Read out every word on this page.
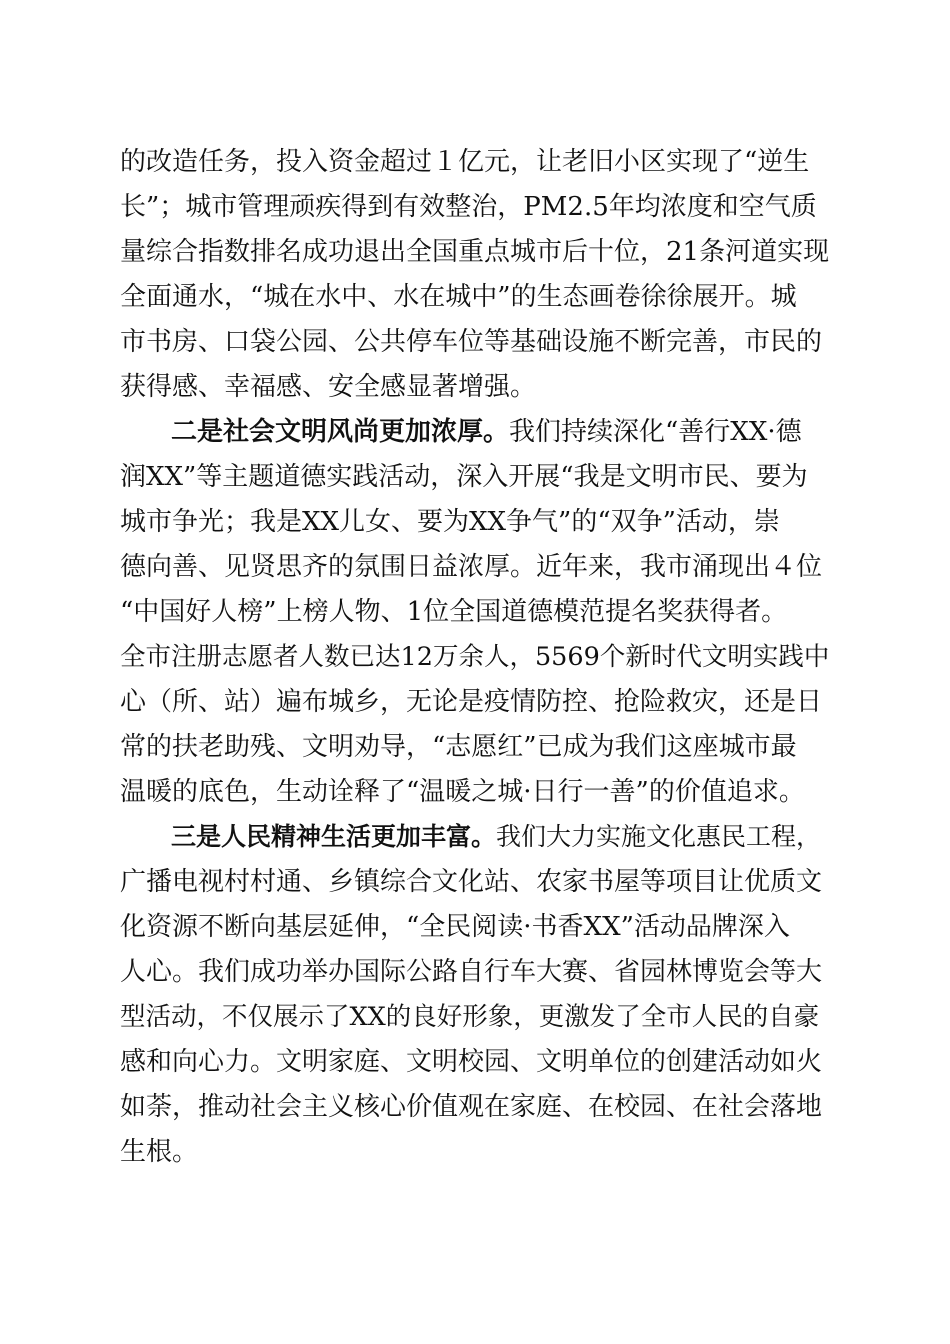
的改造任务，投入资金超过１亿元，让老旧小区实现了“逆生
长”；城市管理顽疾得到有效整治，PM2.5年均浓度和空气质
量综合指数排名成功退出全国重点城市后十位，21条河道实现
全面通水，“城在水中、水在城中”的生态画卷徐徐展开。城
市书房、口袋公园、公共停车位等基础设施不断完善，市民的
获得感、幸福感、安全感显著增强。
二是社会文明风尚更加浓厚。我们持续深化“善行XX·德
润XX”等主题道德实践活动，深入开展“我是文明市民、要为
城市争光；我是XX儿女、要为XX争气”的“双争”活动，崇
德向善、见贤思齐的氛围日益浓厚。近年来，我市涌现出４位
“中国好人榜”上榜人物、1位全国道德模范提名奖获得者。
全市注册志愿者人数已达12万余人，5569个新时代文明实践中
心（所、站）遍布城乡，无论是疫情防控、抢险救灾，还是日
常的扶老助残、文明劝导，“志愿红”已成为我们这座城市最
温暖的底色，生动诠释了“温暖之城·日行一善”的价值追求。
三是人民精神生活更加丰富。我们大力实施文化惠民工程，
广播电视村村通、乡镇综合文化站、农家书屋等项目让优质文
化资源不断向基层延伸，“全民阅读·书香XX”活动品牌深入
人心。我们成功举办国际公路自行车大赛、省园林博览会等大
型活动，不仅展示了XX的良好形象，更激发了全市人民的自豪
感和向心力。文明家庭、文明校园、文明单位的创建活动如火
如荼，推动社会主义核心价值观在家庭、在校园、在社会落地
生根。
